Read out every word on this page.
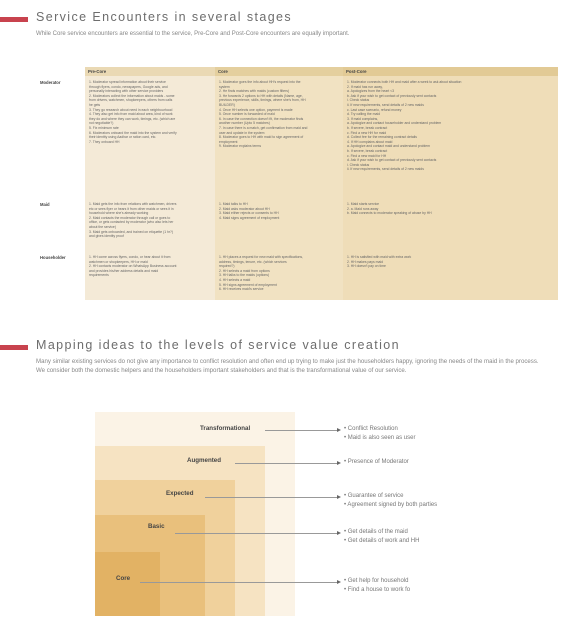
Service Encounters in several stages
While Core service encounters are essential to the service, Pre-Core and Post-Core encounters are equally important.
Pre-Core	Core	Post-Core
Moderator
Maid
Householder
1. Moderator spread information about their service
through flyers, condo, newspapers, Google ads, and
personally interacting with other service providers
2. Moderators collect the information about maids - some
from drivers, watchmen, shopkeepers, others from calls
he gets
3. They go research about need in each neighbourhood
4. They also get info from maid about area, kind of work
they do and where they can work, timings, etc. (which are
not negotiable?)
5. Fix minimum rate
6. Moderators onboard the maid into the system and verify
their identity using Aadhar or ration card, etc.
7. They onboard HH
1. Moderator goes the info about HH's request into the
system
2. He finds matches with maids (custom filters)
3. He forwards 2 options to HH with details (Name, age,
previous experience, skills, timings, where she's from, HH
BUILDER)
4. Once HH selects one option, payment is made
5. Once number is forwarded of maid
6. In case the connection doesn't fit, the moderator finds
another number (Upto 5 matches)
7. In case there is a match, get confirmation from maid and
user and update in the system
8. Moderator goes to HH with maid to sign agreement of
employment
9. Moderator explains terms
1. Moderator connects both HH and maid after a week to ask about situation
2. If maid has run away,
a. Apologizes from the heart <3
b. Ask if your wish to get contact of previously sent contacts
i. Check status
ii. If new requirements, send details of 2 new maids
c. Last case scenario, refund money
d. Try calling the maid
3. If maid complains,
a. Apologize and contact householder and understand problem
b. If severe, break contract
c. Find a new HH for maid
d. Collect fee for the remaining contract details
4. If HH complains about maid
a. Apologize and contact maid and understand problem
b. If severe, break contract
c. Find a new maid for HH
d. Ask if your wish to get contact of previously sent contacts
i. Check status
ii. If new requirements, send details of 2 new maids
1. Maid gets the info from relations with watchmen, drivers
etc or sees flyer or hears it from other maids or sees it in
household where she's already working
2. Maid contacts the moderator through call or goes to
office, or gets contacted by moderator (who also lets her
about the service)
3. Maid gets onboarded, and trained on etiquette (1 hr?)
and gives identity proof
1. Maid talks to HH
2. Maid asks moderator about HH
3. Maid either rejects or consents to HH
4. Maid signs agreement of employment
1. Maid starts service
2. a. Maid runs away
b. Maid connects to moderator speaking of abuse by HH
1. HH come across flyers, condo, or hear about it from
watchmen or shopkeepers, HH or maid
2. HH contacts moderator on WhatsApp Business account
and provides his/her address details and maid
requirements
1. HH places a request for new maid with specifications,
address, timings, tenure, etc. (which services
required?)
2. HH selects a maid from options
3. HH talks to the maids (options)
4. HH selects a maid
5. HH signs agreement of employment
6. HH receives maid's service
1. HH is satisfied with maid with extra work
2. HH makes pays maid
3. HH doesn't pay on time
Mapping ideas to the levels of service value creation
Many similar existing services do not give any importance to conflict resolution and often end up trying to make just the householders happy, ignoring the needs of the maid in the process. We consider both the domestic helpers and the householders important stakeholders and that is the transformational value of our service.
Transformational
Augmented
Expected
Basic
Core
• Conflict Resolution
• Maid is also seen as user
• Presence of Moderator
• Guarantee of service
• Agreement signed by both parties
• Get details of the maid
• Get details of work and HH
• Get help for household
• Find a house to work fo
